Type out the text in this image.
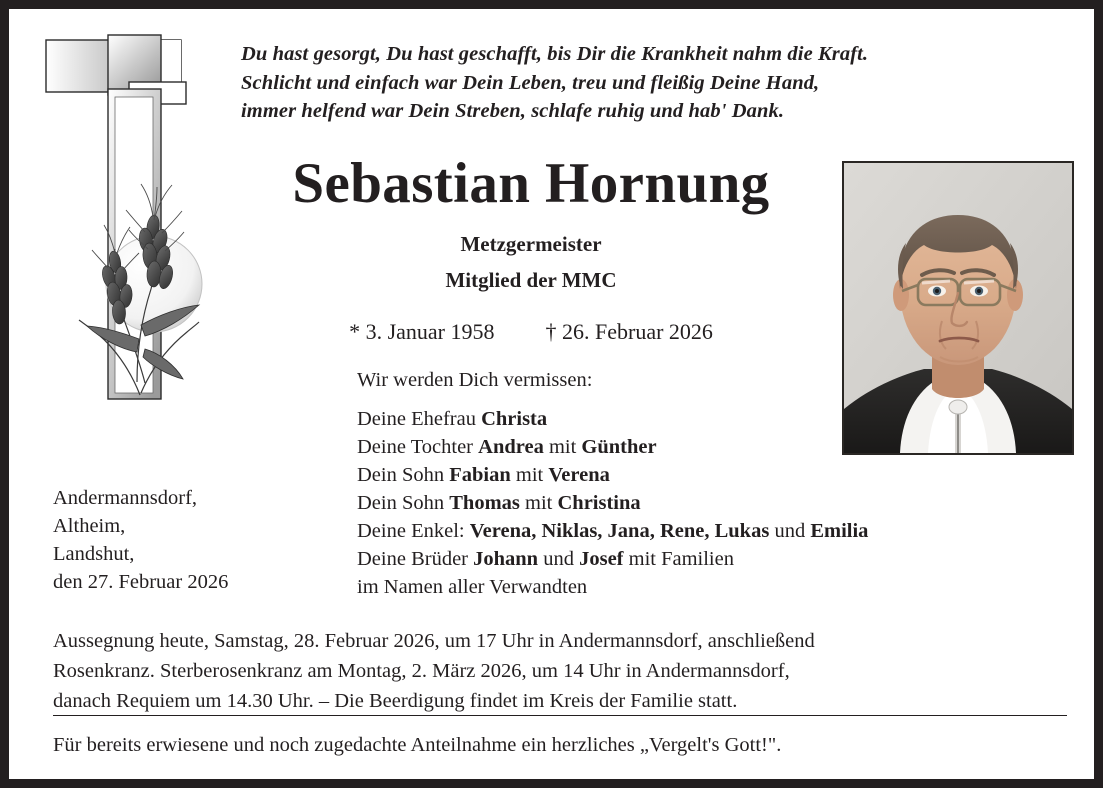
Du hast gesorgt, Du hast geschafft, bis Dir die Krankheit nahm die Kraft.
Schlicht und einfach war Dein Leben, treu und fleißig Deine Hand,
immer helfend war Dein Streben, schlafe ruhig und hab' Dank.
Sebastian Hornung
Metzgermeister
Mitglied der MMC
* 3. Januar 1958 † 26. Februar 2026
Wir werden Dich vermissen:
Deine Ehefrau Christa
Deine Tochter Andrea mit Günther
Dein Sohn Fabian mit Verena
Dein Sohn Thomas mit Christina
Deine Enkel: Verena, Niklas, Jana, Rene, Lukas und Emilia
Deine Brüder Johann und Josef mit Familien
im Namen aller Verwandten
Andermannsdorf,
Altheim,
Landshut,
den 27. Februar 2026
Aussegnung heute, Samstag, 28. Februar 2026, um 17 Uhr in Andermannsdorf, anschließend
Rosenkranz. Sterberosenkranz am Montag, 2. März 2026, um 14 Uhr in Andermannsdorf,
danach Requiem um 14.30 Uhr. – Die Beerdigung findet im Kreis der Familie statt.
Für bereits erwiesene und noch zugedachte Anteilnahme ein herzliches „Vergelt's Gott!".
